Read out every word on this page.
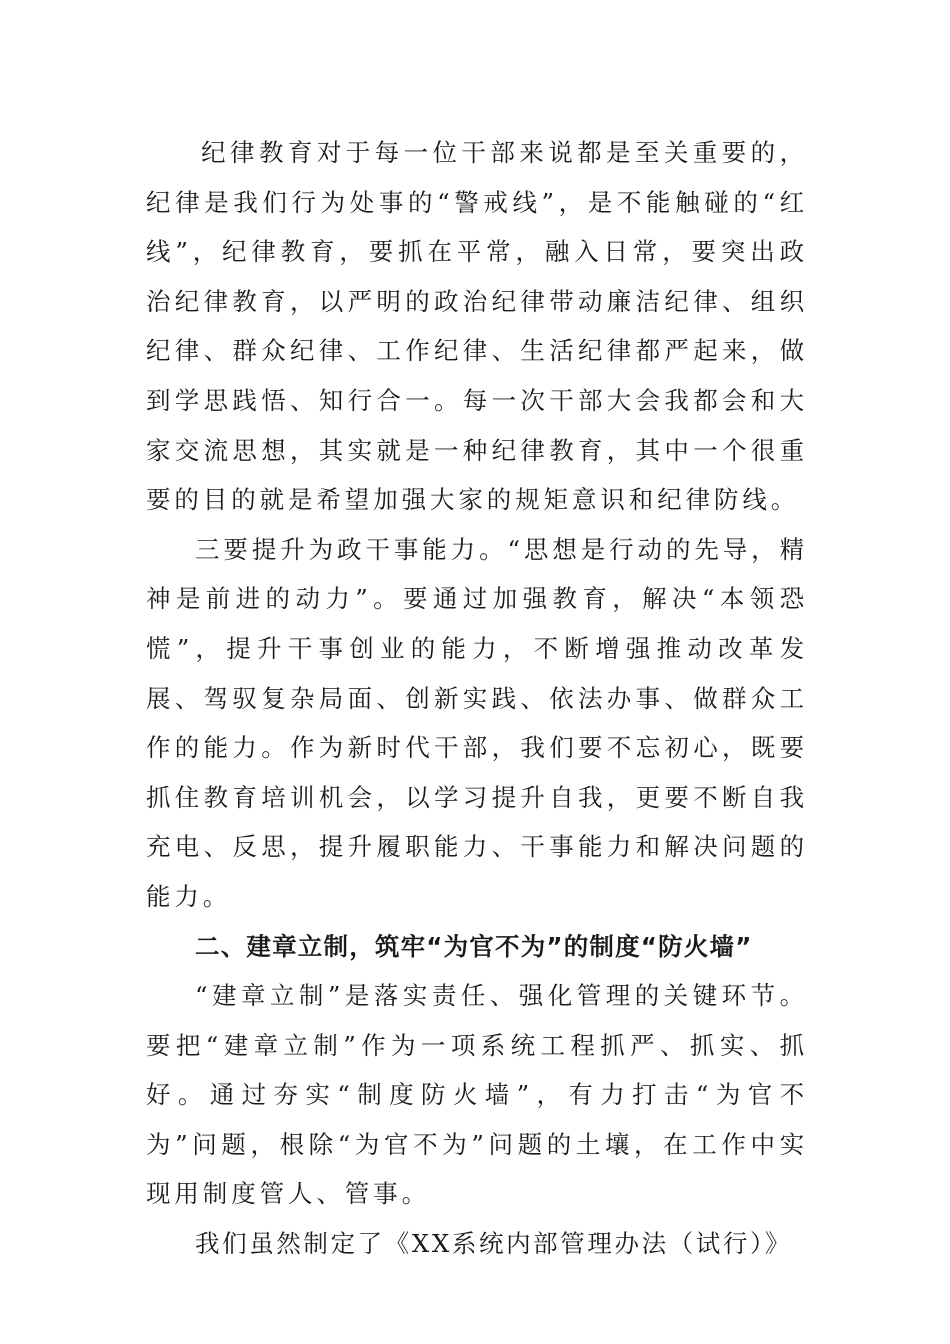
纪律教育对于每一位干部来说都是至关重要的，纪律是我们行为处事的“警戒线”，是不能触碰的“红线”，纪律教育，要抓在平常，融入日常，要突出政治纪律教育，以严明的政治纪律带动廉洁纪律、组织纪律、群众纪律、工作纪律、生活纪律都严起来，做到学思践悟、知行合一。每一次干部大会我都会和大家交流思想，其实就是一种纪律教育，其中一个很重要的目的就是希望加强大家的规矩意识和纪律防线。

三要提升为政干事能力。“思想是行动的先导，精神是前进的动力”。要通过加强教育，解决“本领恐慌”，提升干事创业的能力，不断增强推动改革发展、驾驭复杂局面、创新实践、依法办事、做群众工作的能力。作为新时代干部，我们要不忘初心，既要抓住教育培训机会，以学习提升自我，更要不断自我充电、反思，提升履职能力、干事能力和解决问题的能力。

二、建章立制，筑牢“为官不为”的制度“防火墙”

“建章立制”是落实责任、强化管理的关键环节。要把“建章立制”作为一项系统工程抓严、抓实、抓好。通过夯实“制度防火墙”，有力打击“为官不为”问题，根除“为官不为”问题的土壤，在工作中实现用制度管人、管事。

我们虽然制定了《XX系统内部管理办法（试行）》
